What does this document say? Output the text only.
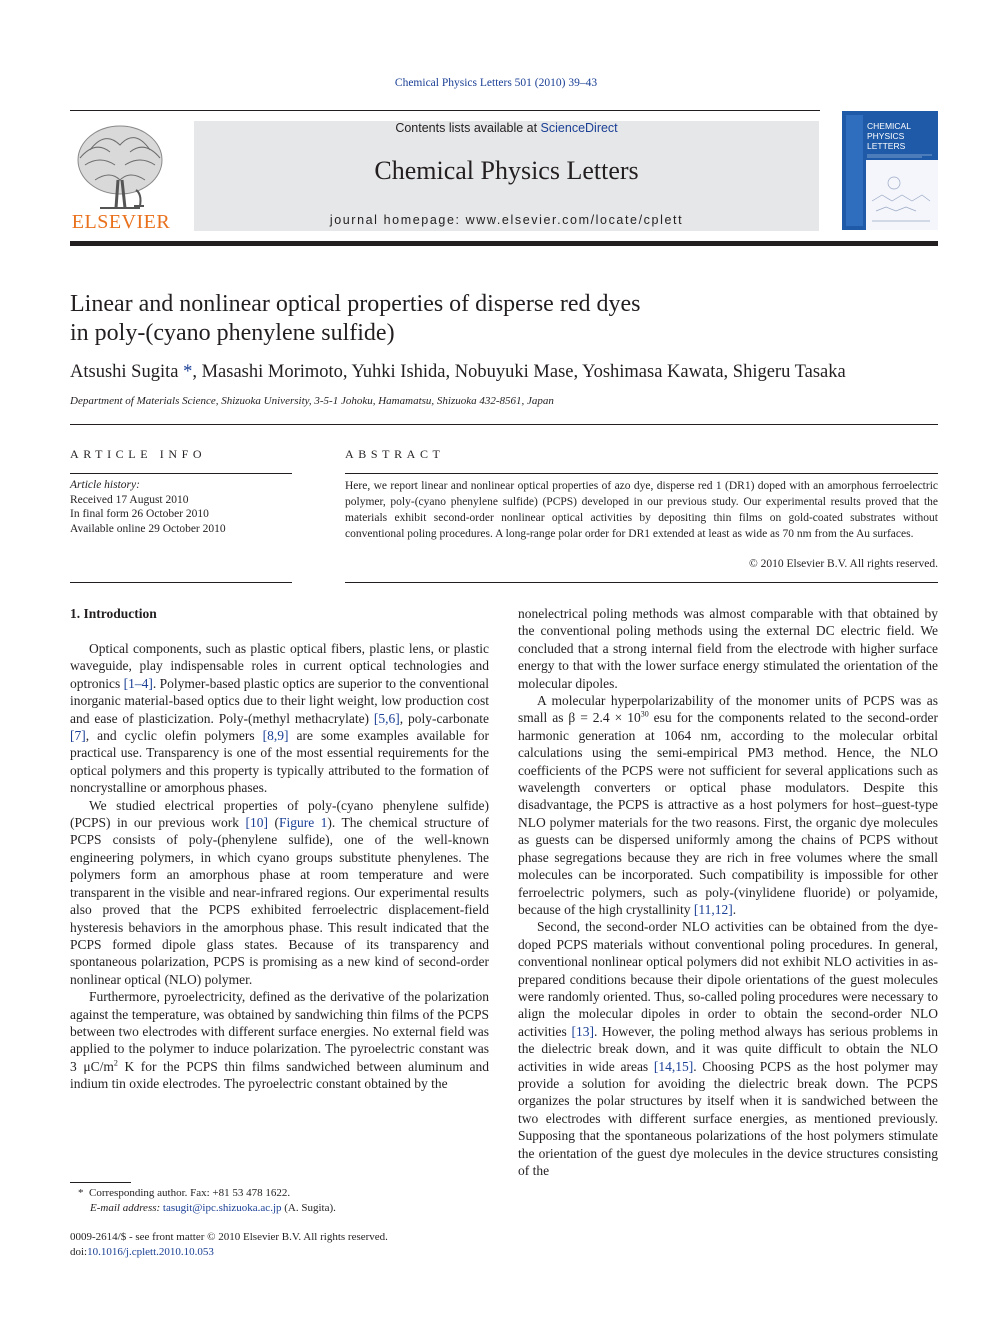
Chemical Physics Letters 501 (2010) 39–43
ELSEVIER
Contents lists available at ScienceDirect
Chemical Physics Letters
journal homepage: www.elsevier.com/locate/cplett
CHEMICAL
PHYSICS
LETTERS
Linear and nonlinear optical properties of disperse red dyes
in poly-(cyano phenylene sulfide)
Atsushi Sugita *, Masashi Morimoto, Yuhki Ishida, Nobuyuki Mase, Yoshimasa Kawata, Shigeru Tasaka
Department of Materials Science, Shizuoka University, 3-5-1 Johoku, Hamamatsu, Shizuoka 432-8561, Japan
ARTICLE INFO
Article history:
Received 17 August 2010
In final form 26 October 2010
Available online 29 October 2010
ABSTRACT
Here, we report linear and nonlinear optical properties of azo dye, disperse red 1 (DR1) doped with an amorphous ferroelectric polymer, poly-(cyano phenylene sulfide) (PCPS) developed in our previous study. Our experimental results proved that the materials exhibit second-order nonlinear optical activities by depositing thin films on gold-coated substrates without conventional poling procedures. A long-range polar order for DR1 extended at least as wide as 70 nm from the Au surfaces.
© 2010 Elsevier B.V. All rights reserved.
1. Introduction

Optical components, such as plastic optical fibers, plastic lens, or plastic waveguide, play indispensable roles in current optical technologies and optronics [1–4]. Polymer-based plastic optics are superior to the conventional inorganic material-based optics due to their light weight, low production cost and ease of plasticization. Poly-(methyl methacrylate) [5,6], poly-carbonate [7], and cyclic olefin polymers [8,9] are some examples available for practical use. Transparency is one of the most essential requirements for the optical polymers and this property is typically attributed to the formation of noncrystalline or amorphous phases.

We studied electrical properties of poly-(cyano phenylene sulfide) (PCPS) in our previous work [10] (Figure 1). The chemical structure of PCPS consists of poly-(phenylene sulfide), one of the well-known engineering polymers, in which cyano groups substitute phenylenes. The polymers form an amorphous phase at room temperature and were transparent in the visible and near-infrared regions. Our experimental results also proved that the PCPS exhibited ferroelectric displacement-field hysteresis behaviors in the amorphous phase. This result indicated that the PCPS formed dipole glass states. Because of its transparency and spontaneous polarization, PCPS is promising as a new kind of second-order nonlinear optical (NLO) polymer.

Furthermore, pyroelectricity, defined as the derivative of the polarization against the temperature, was obtained by sandwiching thin films of the PCPS between two electrodes with different surface energies. No external field was applied to the polymer to induce polarization. The pyroelectric constant was 3 $\mu C/m^2$ K for the PCPS thin films sandwiched between aluminum and indium tin oxide electrodes. The pyroelectric constant obtained by the

nonelectrical poling methods was almost comparable with that obtained by the conventional poling methods using the external DC electric field. We concluded that a strong internal field from the electrode with higher surface energy to that with the lower surface energy stimulated the orientation of the molecular dipoles.

A molecular hyperpolarizability of the monomer units of PCPS was as small as $\beta = 2.4 \times 10^{30}$ esu for the components related to the second-order harmonic generation at 1064 nm, according to the molecular orbital calculations using the semi-empirical PM3 method. Hence, the NLO coefficients of the PCPS were not sufficient for several applications such as wavelength converters or optical phase modulators. Despite this disadvantage, the PCPS is attractive as a host polymers for host–guest-type NLO polymer materials for the two reasons. First, the organic dye molecules as guests can be dispersed uniformly among the chains of PCPS without phase segregations because they are rich in free volumes where the small molecules can be incorporated. Such compatibility is impossible for other ferroelectric polymers, such as poly-(vinylidene fluoride) or polyamide, because of the high crystallinity [11,12].

Second, the second-order NLO activities can be obtained from the dye-doped PCPS materials without conventional poling procedures. In general, conventional nonlinear optical polymers did not exhibit NLO activities in as-prepared conditions because their dipole orientations of the guest molecules were randomly oriented. Thus, so-called poling procedures were necessary to align the molecular dipoles in order to obtain the second-order NLO activities [13]. However, the poling method always has serious problems in the dielectric break down, and it was quite difficult to obtain the NLO activities in wide areas [14,15]. Choosing PCPS as the host polymer may provide a solution for avoiding the dielectric break down. The PCPS organizes the polar structures by itself when it is sandwiched between the two electrodes with different surface energies, as mentioned previously. Supposing that the spontaneous polarizations of the host polymers stimulate the orientation of the guest dye molecules in the device structures consisting of the

* Corresponding author. Fax: +81 53 478 1622.
E-mail address: tasugit@ipc.shizuoka.ac.jp (A. Sugita).
0009-2614/$ - see front matter © 2010 Elsevier B.V. All rights reserved.
doi:10.1016/j.cplett.2010.10.053
